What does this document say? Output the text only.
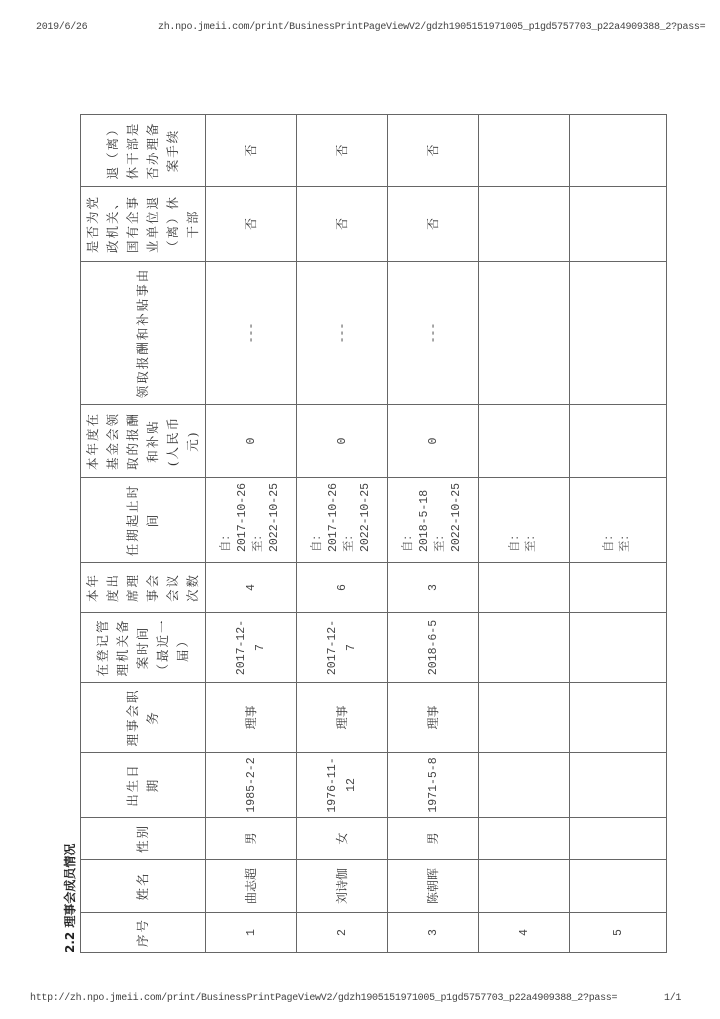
2019/6/26	zh.npo.jmeii.com/print/BusinessPrintPageViewV2/gdzh1905151971005_p1gd5757703_p22a4909388_2?pass=
2.2 理事会成员情况	序号	姓名	性别	出生日期	理事会职务	在登记管理机关备案时间（最近一届）	本年度出席理事会会议次数	任期起止时间	本年度在基金会领取的报酬和补贴(人民币元)	领取报酬和补贴事由	是否为党政机关、国有企事业单位退（离）休干部	退（离）休干部是否办理备案手续
1	曲志超	男	1985-2-2	理事	2017-12-7	4	自： 2017-10-26 至： 2022-10-25	0	---	否	否
2	刘诗伽	女	1976-11-12	理事	2017-12-7	6	自： 2017-10-26 至： 2022-10-25	0	---	否	否
3	陈朝晖	男	1971-5-8	理事	2018-6-5	3	自： 2018-5-18 至： 2022-10-25	0	---	否	否
4							自： 至：				

5							自： 至：				

http://zh.npo.jmeii.com/print/BusinessPrintPageViewV2/gdzh1905151971005_p1gd5757703_p22a4909388_2?pass=	1/1
